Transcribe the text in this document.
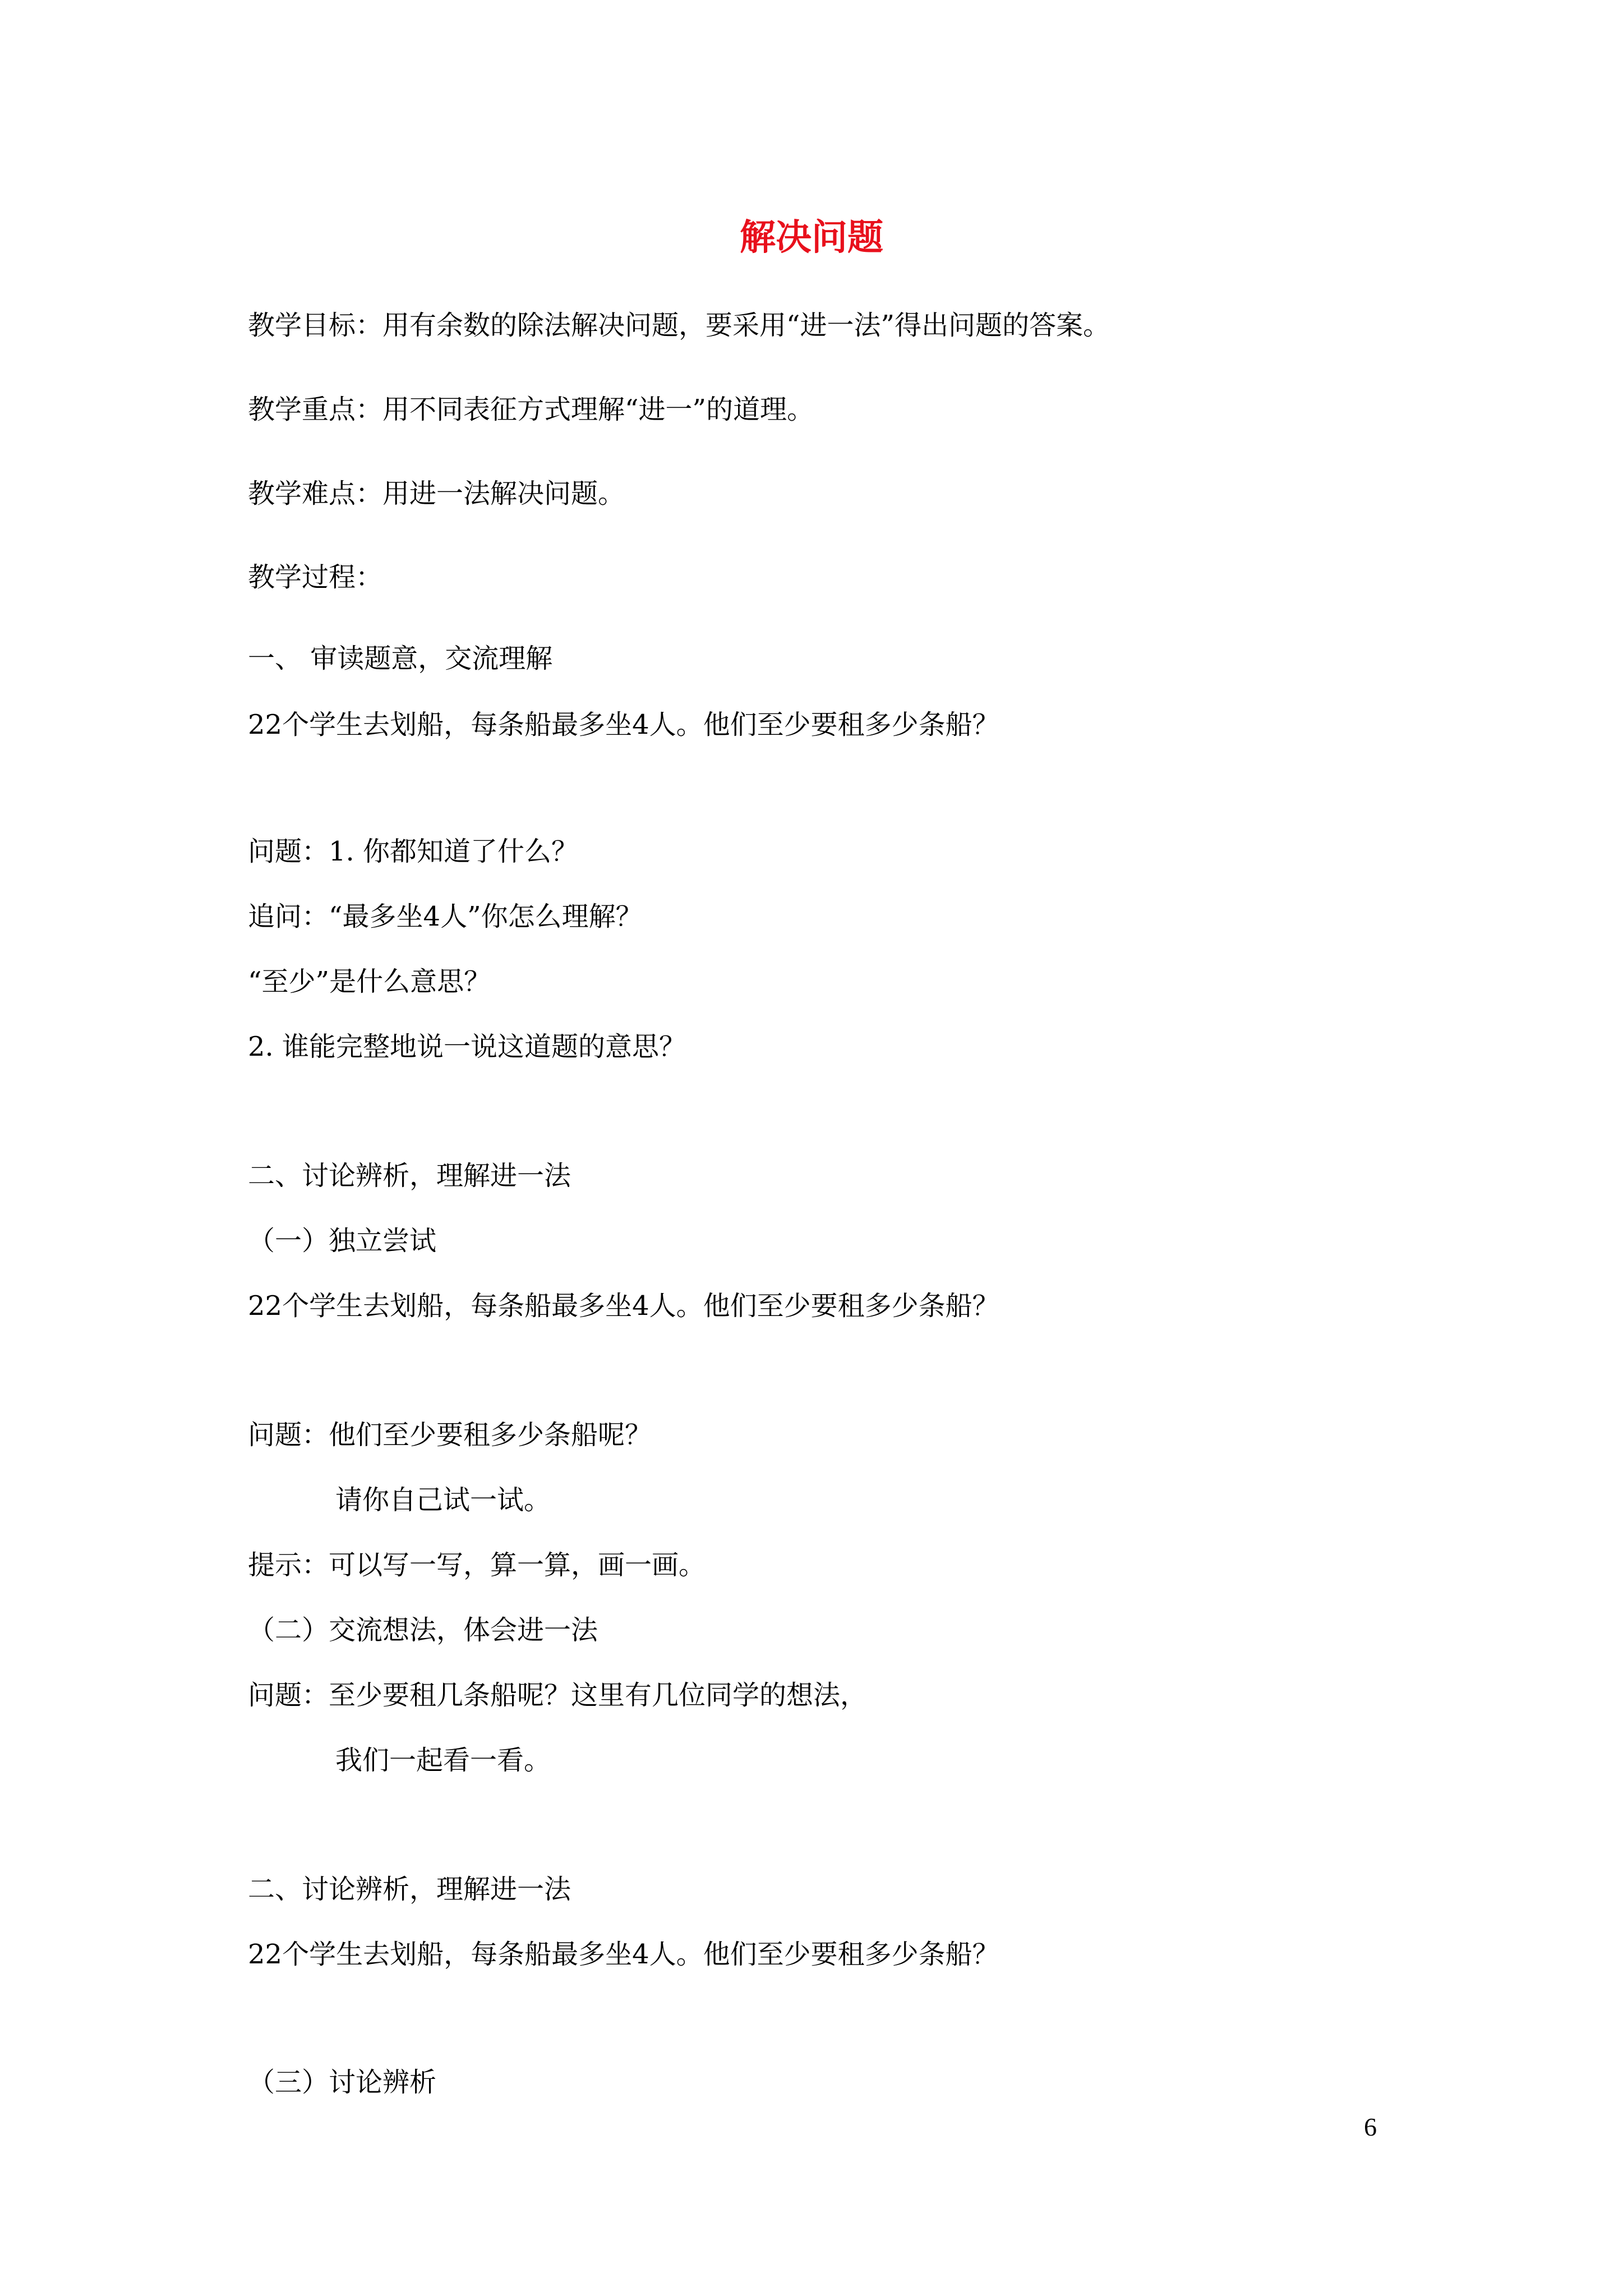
解决问题
教学目标：用有余数的除法解决问题，要采用“进一法”得出问题的答案。
教学重点：用不同表征方式理解“进一”的道理。
教学难点：用进一法解决问题。
教学过程：
一、 审读题意，交流理解
22个学生去划船，每条船最多坐4人。他们至少要租多少条船？
问题：1. 你都知道了什么？
追问：“最多坐4人”你怎么理解？
“至少”是什么意思？
2. 谁能完整地说一说这道题的意思？
二、讨论辨析，理解进一法
（一）独立尝试
22个学生去划船，每条船最多坐4人。他们至少要租多少条船？
问题：他们至少要租多少条船呢？
请你自己试一试。
提示：可以写一写，算一算，画一画。
（二）交流想法，体会进一法
问题：至少要租几条船呢？这里有几位同学的想法，
我们一起看一看。
二、讨论辨析，理解进一法
22个学生去划船，每条船最多坐4人。他们至少要租多少条船？
（三）讨论辨析
6
